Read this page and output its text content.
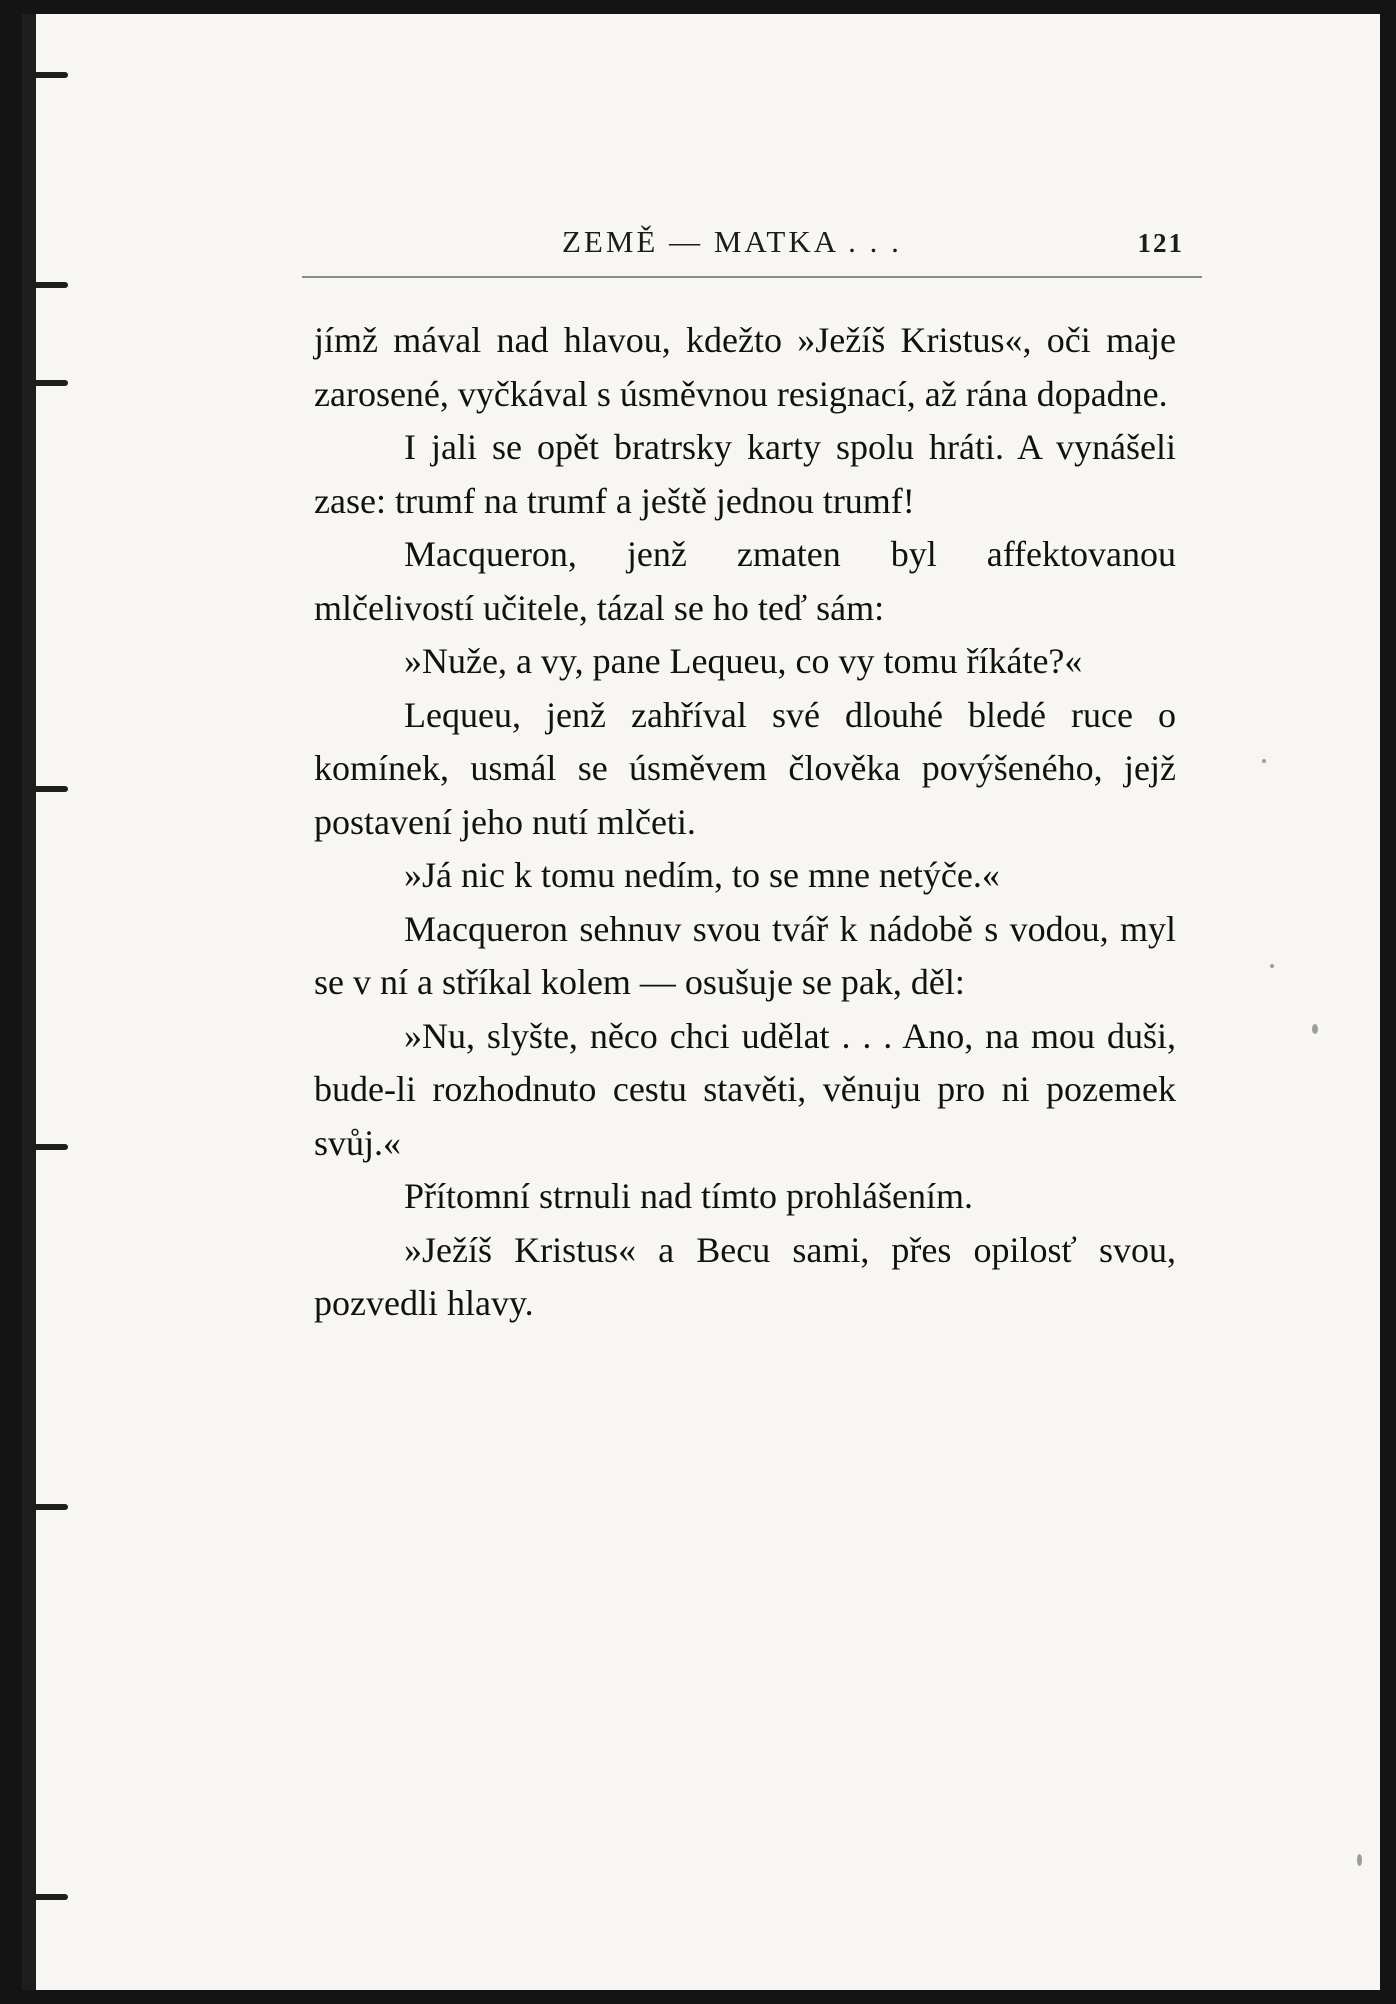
ZEMĚ — MATKA . . .	121

jímž mával nad hlavou, kdežto »Ježíš Kristus«, oči maje zarosené, vyčkával s úsměvnou resignací, až rána dopadne.

I jali se opět bratrsky karty spolu hráti. A vynášeli zase: trumf na trumf a ještě jednou trumf!

Macqueron, jenž zmaten byl affektovanou mlčelivostí učitele, tázal se ho teď sám:

»Nuže, a vy, pane Lequeu, co vy tomu říkáte?«

Lequeu, jenž zahříval své dlouhé bledé ruce o komínek, usmál se úsměvem člověka povýšeného, jejž postavení jeho nutí mlčeti.

»Já nic k tomu nedím, to se mne netýče.«

Macqueron sehnuv svou tvář k nádobě s vodou, myl se v ní a stříkal kolem — osušuje se pak, děl:

»Nu, slyšte, něco chci udělat . . . Ano, na mou duši, bude-li rozhodnuto cestu stavěti, věnuju pro ni pozemek svůj.«

Přítomní strnuli nad tímto prohlášením.

»Ježíš Kristus« a Becu sami, přes opilosť svou, pozvedli hlavy.
